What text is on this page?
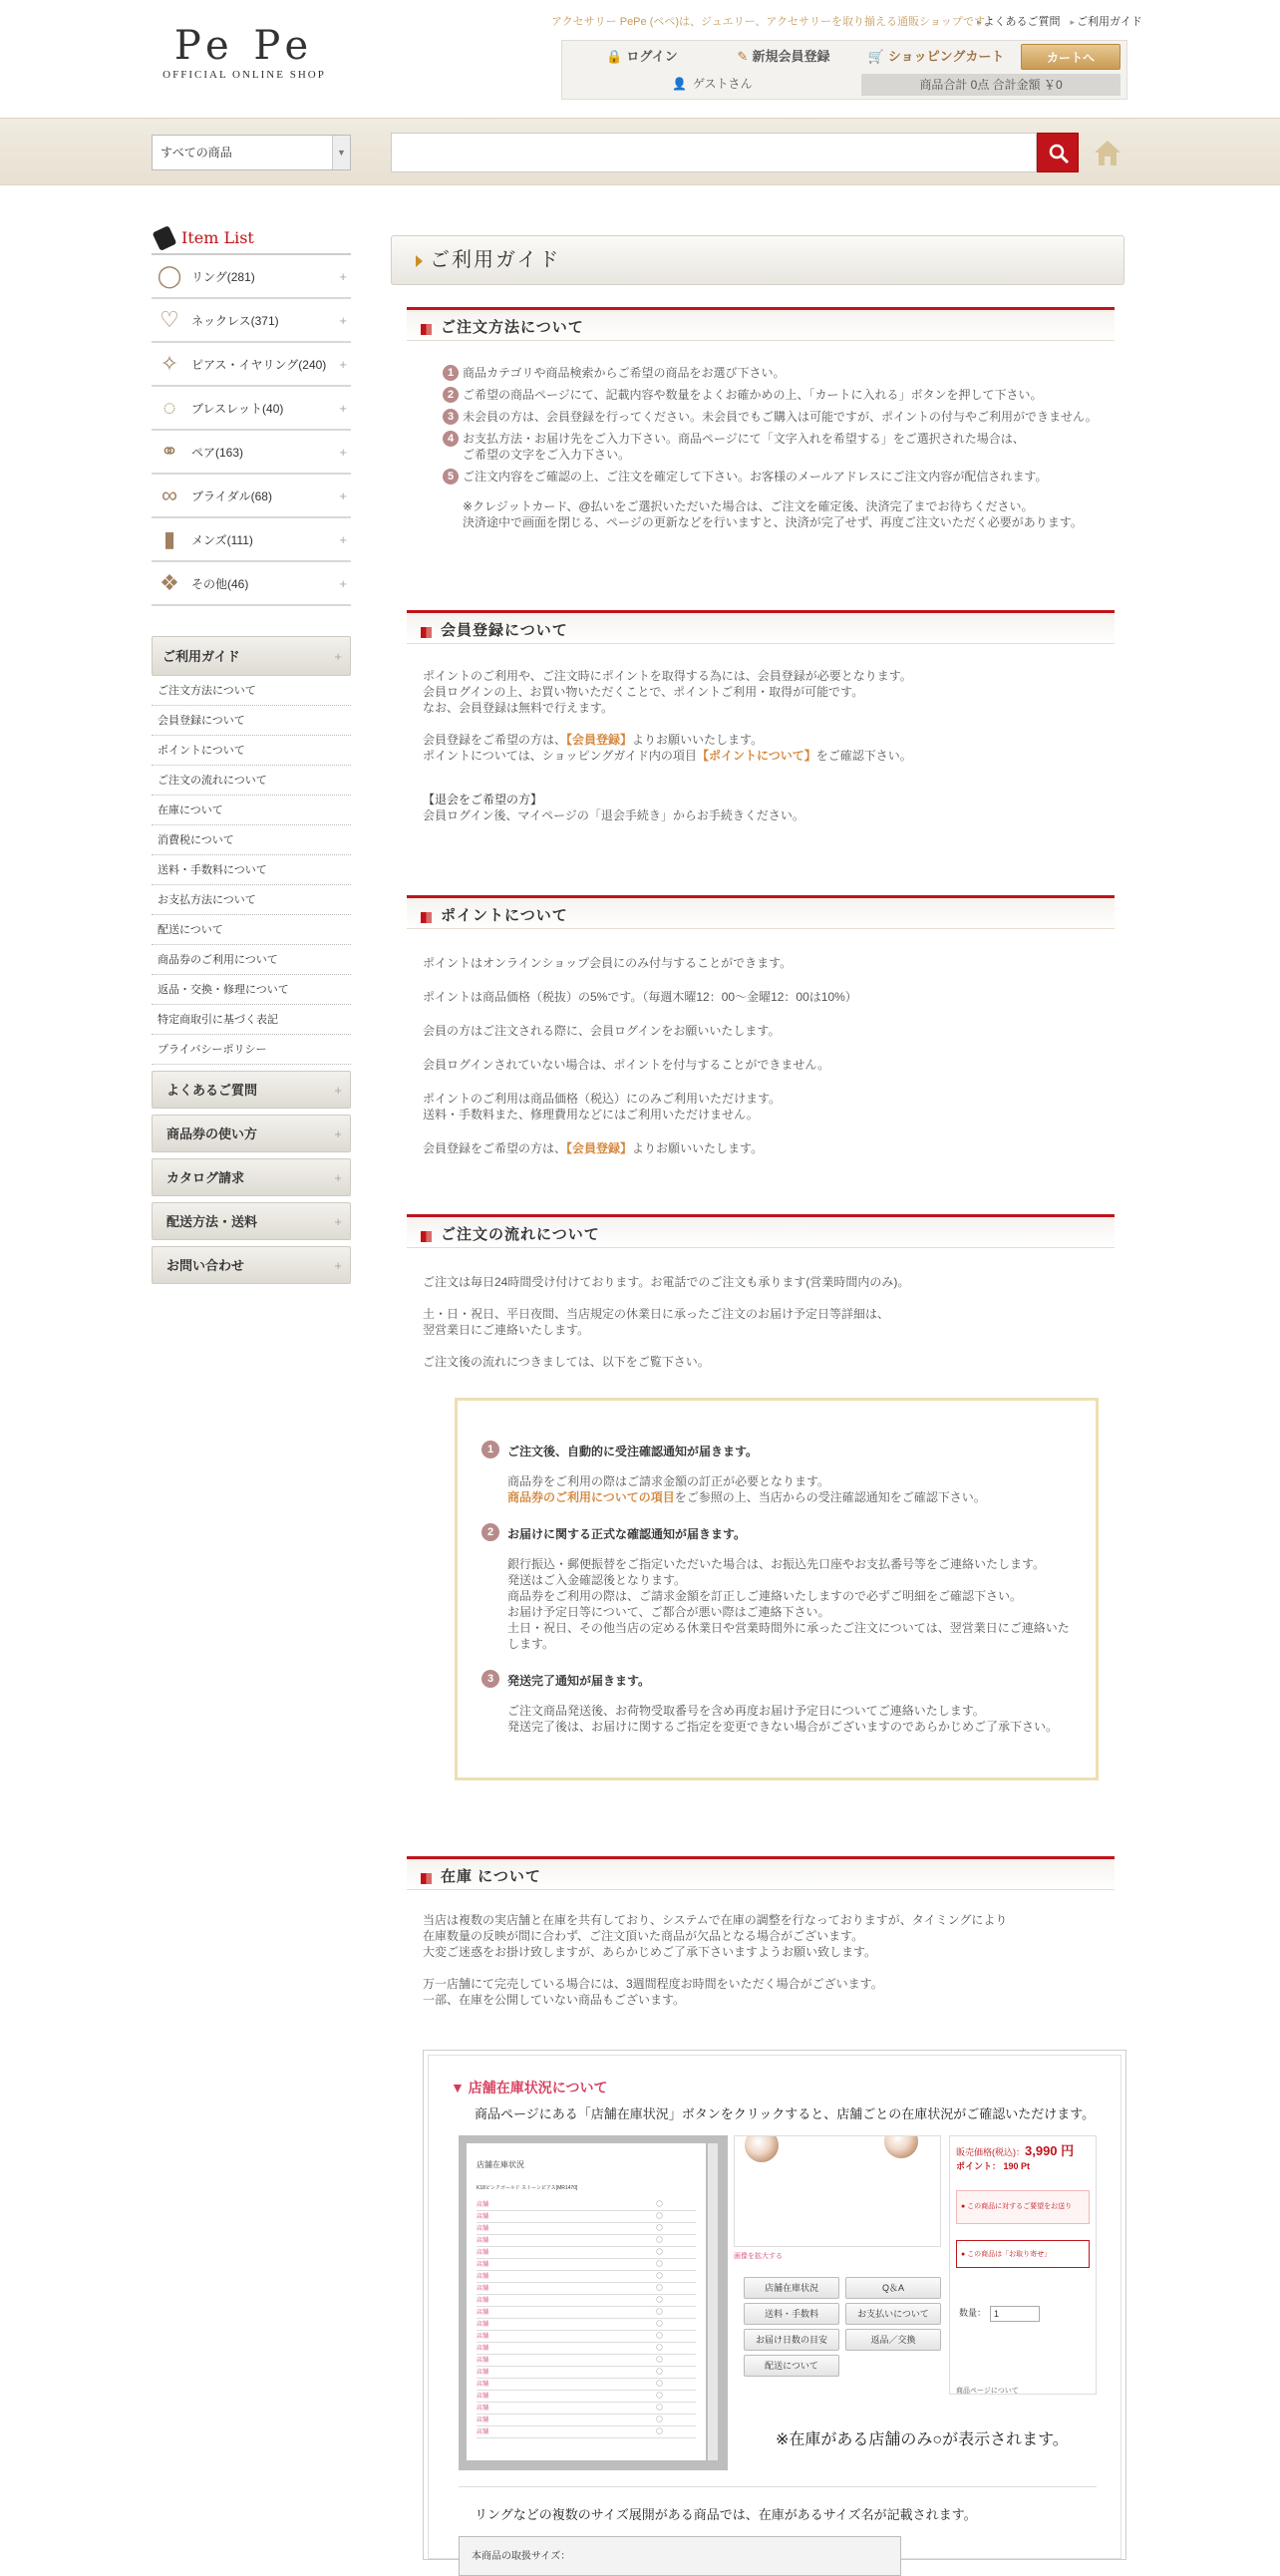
Pe Pe
OFFICIAL ONLINE SHOP
アクセサリー PePe (ペペ)は、ジュエリー、アクセサリーを取り揃える通販ショップです。
▸ よくあるご質問▸ ご利用ガイド
🔒 ログイン	✎ 新規会員登録	🛒 ショッピングカート	カートへ
👤 ゲストさん	商品合計 0点 合計金額 ￥0
すべての商品	▼
Item List
◯ リング(281)	+
♡	ネックレス(371)	+
✧	ピアス・イヤリング(240) +
◌	ブレスレット(40)	+
⚭	ペア(163)	+
∞	ブライダル(68)	+
▮	メンズ(111)	+
❖	その他(46)	+
ご利用ガイド	+
ご注文方法について
会員登録について
ポイントについて
ご注文の流れについて
在庫について
消費税について
送料・手数料について
お支払方法について
配送について
商品券のご利用について
返品・交換・修理について
特定商取引に基づく表記
プライバシーポリシー
よくあるご質問	+
商品券の使い方	+
カタログ請求	+
配送方法・送料	+
お問い合わせ	+
ご利用ガイド
ご注文方法について
1 商品カテゴリや商品検索からご希望の商品をお選び下さい。
2 ご希望の商品ページにて、記載内容や数量をよくお確かめの上、「カートに入れる」ボタンを押して下さい。
3 未会員の方は、会員登録を行ってください。未会員でもご購入は可能ですが、ポイントの付与やご利用ができません。
4 お支払方法・お届け先をご入力下さい。商品ページにて「文字入れを希望する」をご選択された場合は、
ご希望の文字をご入力下さい。
5 ご注文内容をご確認の上、ご注文を確定して下さい。お客様のメールアドレスにご注文内容が配信されます。

※クレジットカード、@払いをご選択いただいた場合は、ご注文を確定後、決済完了までお待ちください。

決済途中で画面を閉じる、ページの更新などを行いますと、決済が完了せず、再度ご注文いただく必要があります。

会員登録について

ポイントのご利用や、ご注文時にポイントを取得する為には、会員登録が必要となります。

会員ログインの上、お買い物いただくことで、ポイントご利用・取得が可能です。

なお、会員登録は無料で行えます。

会員登録をご希望の方は、【会員登録】よりお願いいたします。

ポイントについては、ショッピングガイド内の項目【ポイントについて】をご確認下さい。

【退会をご希望の方】

会員ログイン後、マイページの「退会手続き」からお手続きください。

ポイントについて

ポイントはオンラインショップ会員にのみ付与することができます。

ポイントは商品価格（税抜）の5%です。（毎週木曜12：00～金曜12：00は10%）

会員の方はご注文される際に、会員ログインをお願いいたします。

会員ログインされていない場合は、ポイントを付与することができません。

ポイントのご利用は商品価格（税込）にのみご利用いただけます。

送料・手数料また、修理費用などにはご利用いただけません。

会員登録をご希望の方は、【会員登録】よりお願いいたします。

ご注文の流れについて

ご注文は毎日24時間受け付けております。お電話でのご注文も承ります(営業時間内のみ)。

土・日・祝日、平日夜間、当店規定の休業日に承ったご注文のお届け予定日等詳細は、

翌営業日にご連絡いたします。

ご注文後の流れにつきましては、以下をご覧下さい。

1	ご注文後、自動的に受注確認通知が届きます。

商品券をご利用の際はご請求金額の訂正が必要となります。

商品券のご利用についての項目をご参照の上、当店からの受注確認通知をご確認下さい。

2	お届けに関する正式な確認通知が届きます。

銀行振込・郵便振替をご指定いただいた場合は、お振込先口座やお支払番号等をご連絡いたします。

発送はご入金確認後となります。

商品券をご利用の際は、ご請求金額を訂正しご連絡いたしますので必ずご明細をご確認下さい。

お届け予定日等について、ご都合が悪い際はご連絡下さい。

土日・祝日、その他当店の定める休業日や営業時間外に承ったご注文については、翌営業日にご連絡いたします。

3	発送完了通知が届きます。

ご注文商品発送後、お荷物受取番号を含め再度お届け予定日についてご連絡いたします。

発送完了後は、お届けに関するご指定を変更できない場合がございますのであらかじめご了承下さい。

在庫 について

当店は複数の実店舗と在庫を共有しており、システムで在庫の調整を行なっておりますが、タイミングにより

在庫数量の反映が間に合わず、ご注文頂いた商品が欠品となる場合がございます。

大変ご迷惑をお掛け致しますが、あらかじめご了承下さいますようお願い致します。

万一店舗にて完売している場合には、3週間程度お時間をいただく場合がございます。

一部、在庫を公開していない商品もございます。

▼ 店舗在庫状況について
商品ページにある「店舗在庫状況」ボタンをクリックすると、店舗ごとの在庫状況がご確認いただけます。
店舗在庫状況
K18ピンクゴールド ストーンピアス[MR1470]
店舗 ◯
店舗 ◯
店舗 ◯
店舗 ◯
店舗 ◯
店舗 ◯
店舗 ◯
店舗 ◯
店舗 ◯
店舗 ◯
店舗 ◯
店舗 ◯
店舗 ◯
店舗 ◯
店舗 ◯
店舗 ◯
店舗 ◯
店舗 ◯
店舗 ◯
店舗 ◯
画像を拡大する
販売価格(税込)：3,990 円
ポイント： 190 Pt
● この商品に対するご要望をお送り
● この商品は「お取り寄せ」
数量： 1
商品ページについて
店舗在庫状況	Q＆A
送料・手数料	お支払いについて
お届け日数の目安	返品／交換
配送について
※在庫がある店舗のみ○が表示されます。
リングなどの複数のサイズ展開がある商品では、在庫があるサイズ名が記載されます。
本商品の取扱サイズ：
